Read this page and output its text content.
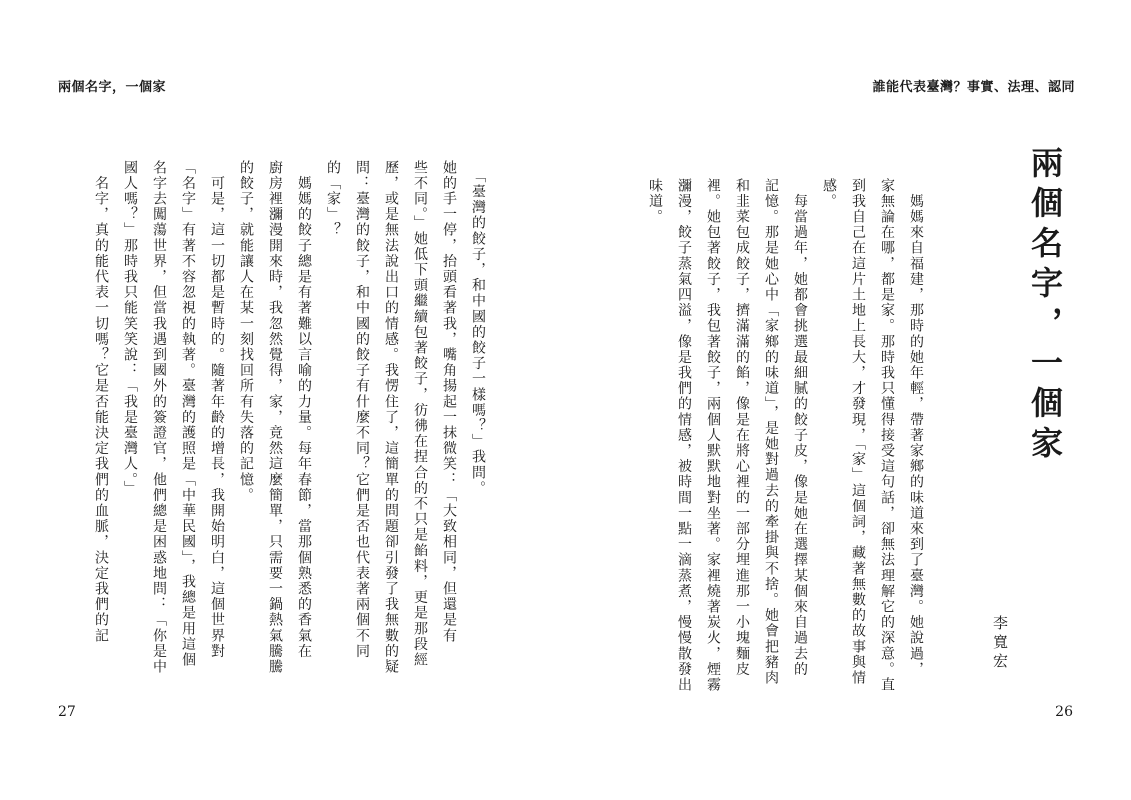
兩個名字，一個家	誰能代表臺灣？事實、法理、認同
兩個名字，一個家
李寬宏
　媽媽來自福建，那時的她年輕，帶著家鄉的味道來到了臺灣。她說過，
家無論在哪，都是家。那時我只懂得接受這句話，卻無法理解它的深意。直
到我自己在這片土地上長大，才發現，「家」這個詞，藏著無數的故事與情
感。
　每當過年，她都會挑選最細膩的餃子皮，像是她在選擇某個來自過去的
記憶。那是她心中「家鄉的味道」，是她對過去的牽掛與不捨。她會把豬肉
和韭菜包成餃子，擠滿滿的餡，像是在將心裡的一部分埋進那一小塊麵皮
裡。她包著餃子，我包著餃子，兩個人默默地對坐著。家裡燒著炭火，煙霧
瀰漫，餃子蒸氣四溢，像是我們的情感，被時間一點一滴蒸煮，慢慢散發出
味道。
　「臺灣的餃子，和中國的餃子一樣嗎？」我問。
她的手一停，抬頭看著我，嘴角揚起一抹微笑：「大致相同，但還是有
些不同。」她低下頭繼續包著餃子，彷彿在捏合的不只是餡料，更是那段經
歷，或是無法說出口的情感。我愣住了，這簡單的問題卻引發了我無數的疑
問：臺灣的餃子，和中國的餃子有什麼不同？它們是否也代表著兩個不同
的「家」？
　媽媽的餃子總是有著難以言喻的力量。每年春節，當那個熟悉的香氣在
廚房裡瀰漫開來時，我忽然覺得，家，竟然這麼簡單，只需要一鍋熱氣騰騰
的餃子，就能讓人在某一刻找回所有失落的記憶。
　可是，這一切都是暫時的。隨著年齡的增長，我開始明白，這個世界對
「名字」有著不容忽視的執著。臺灣的護照是「中華民國」，我總是用這個
名字去闖蕩世界，但當我遇到國外的簽證官，他們總是困惑地問：「你是中
國人嗎？」那時我只能笑笑說：「我是臺灣人。」
　名字，真的能代表一切嗎？它是否能決定我們的血脈，決定我們的記
27	26
